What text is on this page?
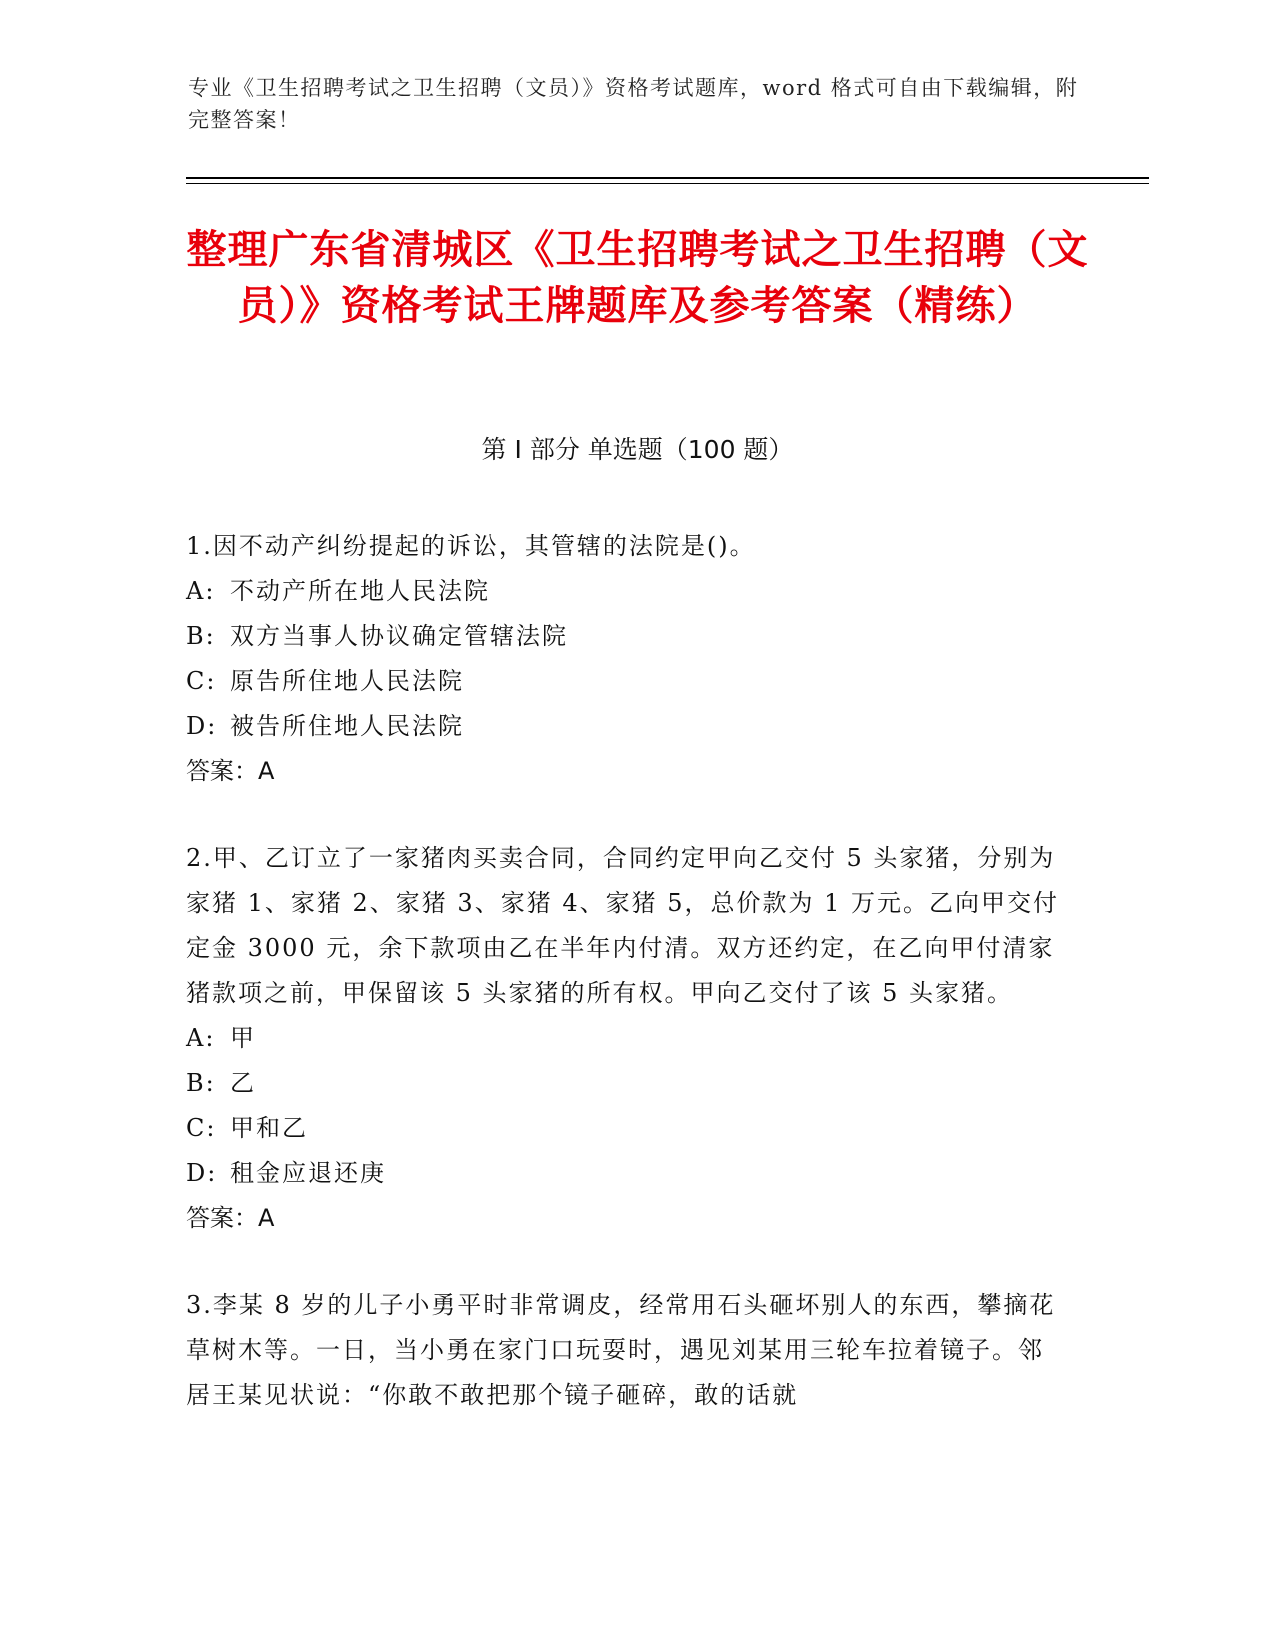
专业《卫生招聘考试之卫生招聘（文员）》资格考试题库，word 格式可自由下载编辑，附完整答案！
整理广东省清城区《卫生招聘考试之卫生招聘（文员）》资格考试王牌题库及参考答案（精练）
第 I 部分 单选题（100 题）

1.因不动产纠纷提起的诉讼，其管辖的法院是()。

A: 不动产所在地人民法院

B: 双方当事人协议确定管辖法院

C: 原告所住地人民法院

D: 被告所住地人民法院

答案：A

2.甲、乙订立了一家猪肉买卖合同，合同约定甲向乙交付 5 头家猪，分别为家猪 1、家猪 2、家猪 3、家猪 4、家猪 5，总价款为 1 万元。乙向甲交付定金 3000 元，余下款项由乙在半年内付清。双方还约定，在乙向甲付清家猪款项之前，甲保留该 5 头家猪的所有权。甲向乙交付了该 5 头家猪。

A: 甲

B: 乙

C: 甲和乙

D: 租金应退还庚

答案：A

3.李某 8 岁的儿子小勇平时非常调皮，经常用石头砸坏别人的东西，攀摘花草树木等。一日，当小勇在家门口玩耍时，遇见刘某用三轮车拉着镜子。邻居王某见状说：“你敢不敢把那个镜子砸碎，敢的话就
